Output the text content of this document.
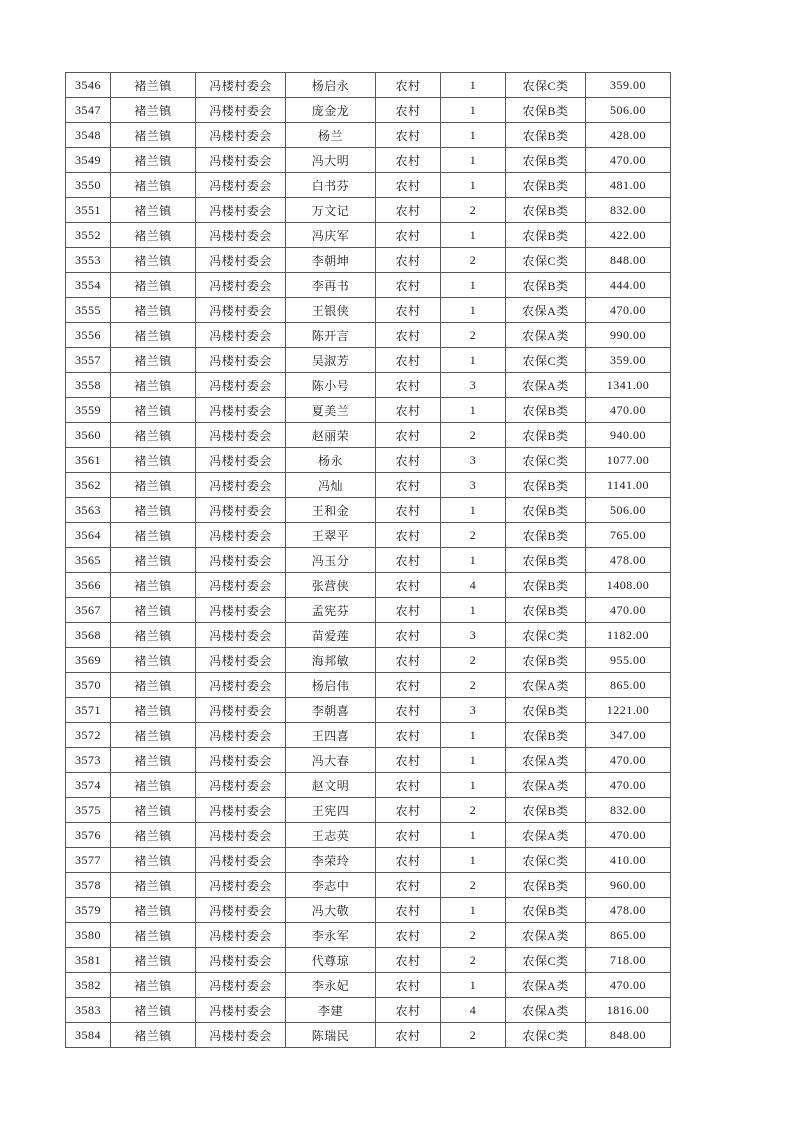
3546	褚兰镇	冯楼村委会	杨启永	农村	1	农保C类	359.00
3547	褚兰镇	冯楼村委会	庞金龙	农村	1	农保B类	506.00
3548	褚兰镇	冯楼村委会	杨兰	农村	1	农保B类	428.00
3549	褚兰镇	冯楼村委会	冯大明	农村	1	农保B类	470.00
3550	褚兰镇	冯楼村委会	白书芬	农村	1	农保B类	481.00
3551	褚兰镇	冯楼村委会	万文记	农村	2	农保B类	832.00
3552	褚兰镇	冯楼村委会	冯庆军	农村	1	农保B类	422.00
3553	褚兰镇	冯楼村委会	李朝坤	农村	2	农保C类	848.00
3554	褚兰镇	冯楼村委会	李再书	农村	1	农保B类	444.00
3555	褚兰镇	冯楼村委会	王银侠	农村	1	农保A类	470.00
3556	褚兰镇	冯楼村委会	陈开言	农村	2	农保A类	990.00
3557	褚兰镇	冯楼村委会	吴淑芳	农村	1	农保C类	359.00
3558	褚兰镇	冯楼村委会	陈小号	农村	3	农保A类	1341.00
3559	褚兰镇	冯楼村委会	夏美兰	农村	1	农保B类	470.00
3560	褚兰镇	冯楼村委会	赵丽荣	农村	2	农保B类	940.00
3561	褚兰镇	冯楼村委会	杨永	农村	3	农保C类	1077.00
3562	褚兰镇	冯楼村委会	冯灿	农村	3	农保B类	1141.00
3563	褚兰镇	冯楼村委会	王和金	农村	1	农保B类	506.00
3564	褚兰镇	冯楼村委会	王翠平	农村	2	农保B类	765.00
3565	褚兰镇	冯楼村委会	冯玉分	农村	1	农保B类	478.00
3566	褚兰镇	冯楼村委会	张营侠	农村	4	农保B类	1408.00
3567	褚兰镇	冯楼村委会	孟宪芬	农村	1	农保B类	470.00
3568	褚兰镇	冯楼村委会	苗爱莲	农村	3	农保C类	1182.00
3569	褚兰镇	冯楼村委会	海邦敏	农村	2	农保B类	955.00
3570	褚兰镇	冯楼村委会	杨启伟	农村	2	农保A类	865.00
3571	褚兰镇	冯楼村委会	李朝喜	农村	3	农保B类	1221.00
3572	褚兰镇	冯楼村委会	王四喜	农村	1	农保B类	347.00
3573	褚兰镇	冯楼村委会	冯大春	农村	1	农保A类	470.00
3574	褚兰镇	冯楼村委会	赵文明	农村	1	农保A类	470.00
3575	褚兰镇	冯楼村委会	王宪四	农村	2	农保B类	832.00
3576	褚兰镇	冯楼村委会	王志英	农村	1	农保A类	470.00
3577	褚兰镇	冯楼村委会	李荣玲	农村	1	农保C类	410.00
3578	褚兰镇	冯楼村委会	李志中	农村	2	农保B类	960.00
3579	褚兰镇	冯楼村委会	冯大敬	农村	1	农保B类	478.00
3580	褚兰镇	冯楼村委会	李永军	农村	2	农保A类	865.00
3581	褚兰镇	冯楼村委会	代尊琼	农村	2	农保C类	718.00
3582	褚兰镇	冯楼村委会	李永妃	农村	1	农保A类	470.00
3583	褚兰镇	冯楼村委会	李建	农村	4	农保A类	1816.00
3584	褚兰镇	冯楼村委会	陈瑞民	农村	2	农保C类	848.00
